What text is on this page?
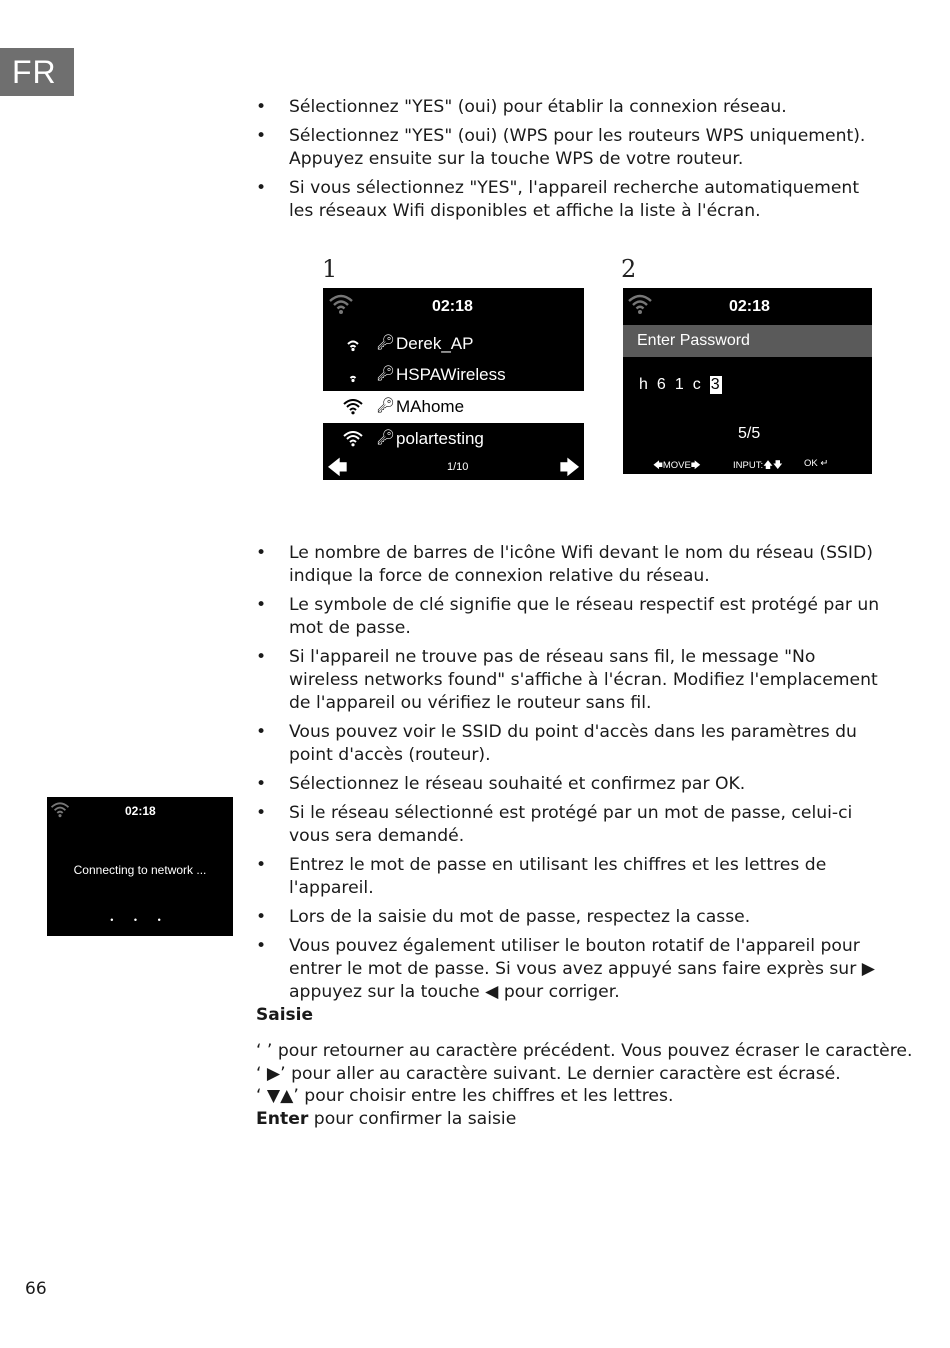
FR
• Sélectionnez "YES" (oui) pour établir la connexion réseau.
• Sélectionnez "YES" (oui) (WPS pour les routeurs WPS uniquement). Appuyez ensuite sur la touche WPS de votre routeur.
• Si vous sélectionnez "YES", l'appareil recherche automatiquement les réseaux Wifi disponibles et affiche la liste à l'écran.
1
02:18
🔑︎ Derek_AP
🔑︎ HSPAWireless
🔑︎ MAhome
🔑︎ polartesting
🡄	1/10	🡆
2
02:18
Enter Password
h 6 1 c 3
5/5
🡄MOVE🡆	INPUT:🡅🡇 OK ↵
02:18
Connecting to network ...
• • •
• Le nombre de barres de l'icône Wifi devant le nom du réseau (SSID) indique la force de connexion relative du réseau.
• Le symbole de clé signifie que le réseau respectif est protégé par un mot de passe.
• Si l'appareil ne trouve pas de réseau sans fil, le message "No wireless networks found" s'affiche à l'écran. Modifiez l'emplacement de l'appareil ou vérifiez le routeur sans fil.
• Vous pouvez voir le SSID du point d'accès dans les paramètres du point d'accès (routeur).
• Sélectionnez le réseau souhaité et confirmez par OK.
• Si le réseau sélectionné est protégé par un mot de passe, celui-ci vous sera demandé.
• Entrez le mot de passe en utilisant les chiffres et les lettres de l'appareil.
• Lors de la saisie du mot de passe, respectez la casse.
• Vous pouvez également utiliser le bouton rotatif de l'appareil pour entrer le mot de passe. Si vous avez appuyé sans faire exprès sur ▶ appuyez sur la touche ◀ pour corriger.
Saisie
‘ ’ pour retourner au caractère précédent. Vous pouvez écraser le caractère.
‘ ▶’ pour aller au caractère suivant. Le dernier caractère est écrasé.
‘ ▼▲’ pour choisir entre les chiffres et les lettres.
Enter pour confirmer la saisie
66
